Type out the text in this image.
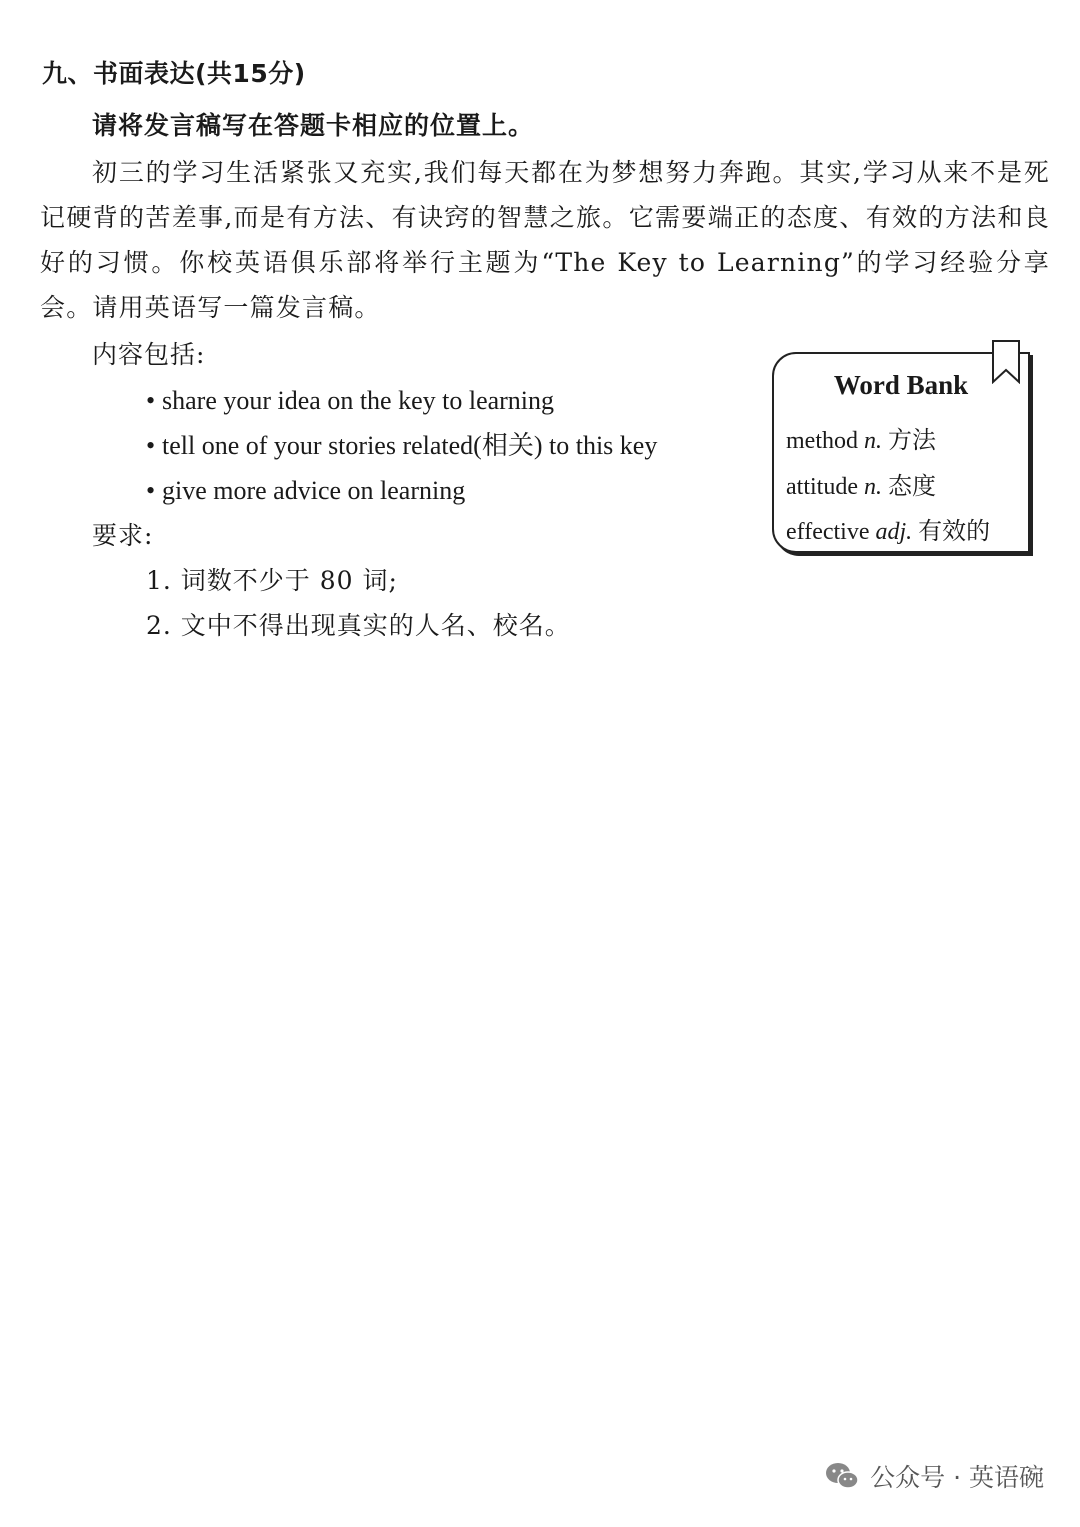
九、书面表达(共15分)
请将发言稿写在答题卡相应的位置上。

初三的学习生活紧张又充实,我们每天都在为梦想努力奔跑。其实,学习从来不是死记硬背的苦差事,而是有方法、有诀窍的智慧之旅。它需要端正的态度、有效的方法和良好的习惯。你校英语俱乐部将举行主题为“The Key to Learning”的学习经验分享会。请用英语写一篇发言稿。

内容包括:
• share your idea on the key to learning
• tell one of your stories related(相关) to this key
• give more advice on learning
要求:
1. 词数不少于 80 词;
2. 文中不得出现真实的人名、校名。
Word Bank
method n. 方法
attitude n. 态度
effective adj. 有效的
公众号 · 英语碗
